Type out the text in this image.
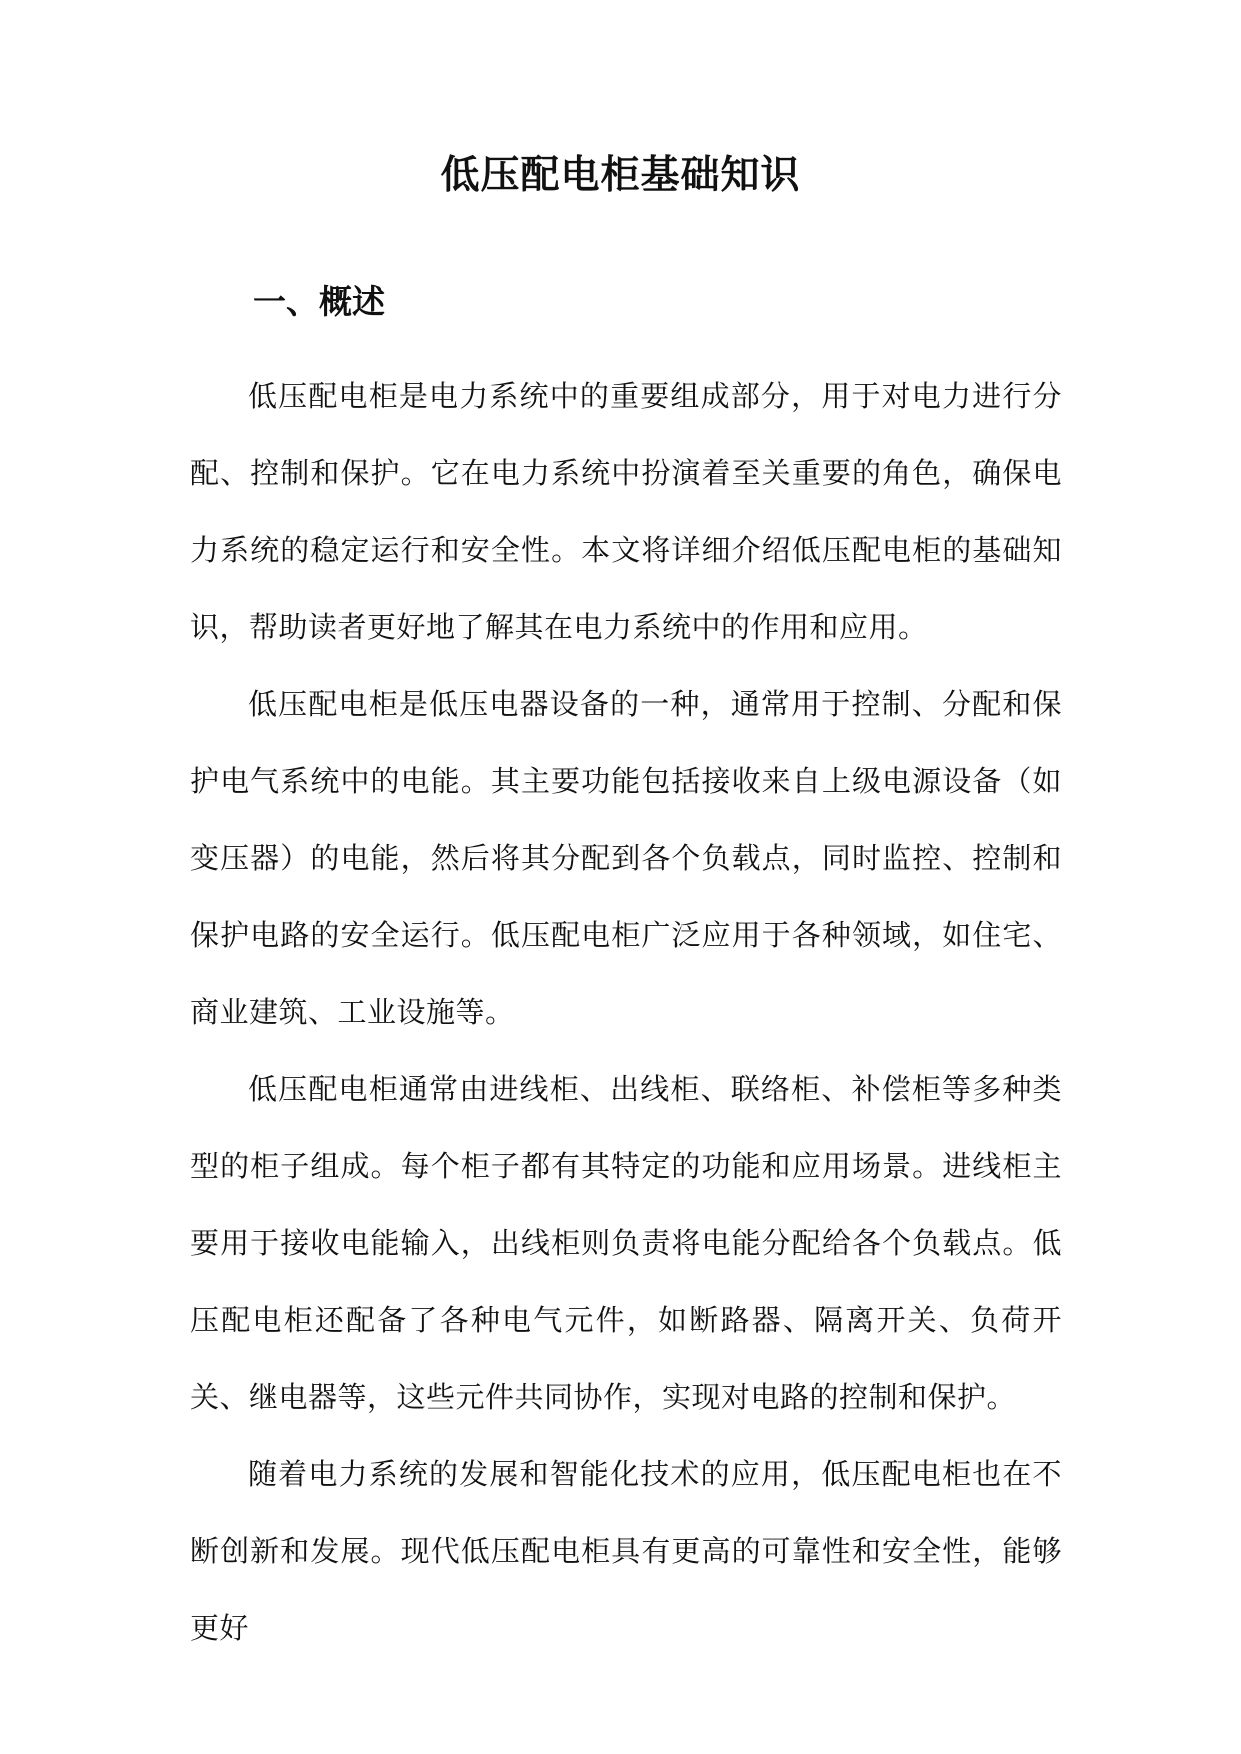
低压配电柜基础知识
一、概述

低压配电柜是电力系统中的重要组成部分，用于对电力进行分配、控制和保护。它在电力系统中扮演着至关重要的角色，确保电力系统的稳定运行和安全性。本文将详细介绍低压配电柜的基础知识，帮助读者更好地了解其在电力系统中的作用和应用。

低压配电柜是低压电器设备的一种，通常用于控制、分配和保护电气系统中的电能。其主要功能包括接收来自上级电源设备（如变压器）的电能，然后将其分配到各个负载点，同时监控、控制和保护电路的安全运行。低压配电柜广泛应用于各种领域，如住宅、商业建筑、工业设施等。

低压配电柜通常由进线柜、出线柜、联络柜、补偿柜等多种类型的柜子组成。每个柜子都有其特定的功能和应用场景。进线柜主要用于接收电能输入，出线柜则负责将电能分配给各个负载点。低压配电柜还配备了各种电气元件，如断路器、隔离开关、负荷开关、继电器等，这些元件共同协作，实现对电路的控制和保护。

随着电力系统的发展和智能化技术的应用，低压配电柜也在不断创新和发展。现代低压配电柜具有更高的可靠性和安全性，能够更好
